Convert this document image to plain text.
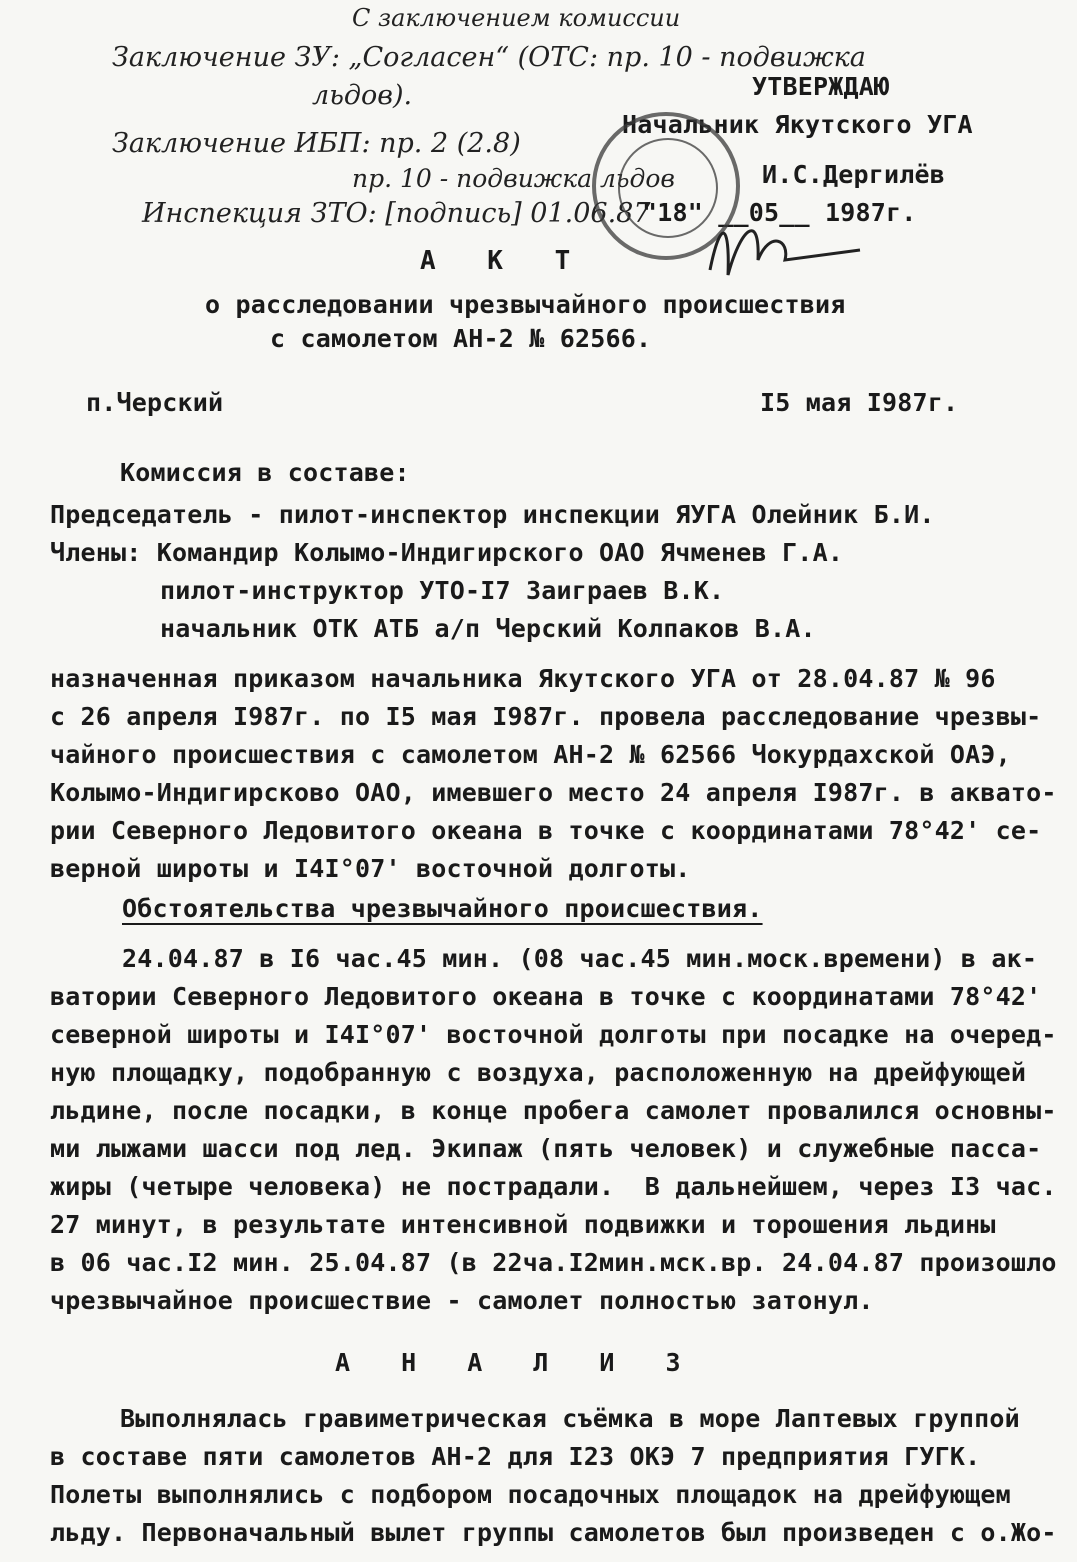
С заключением комиссии
Заключение ЗУ: „Согласен“ (ОТС: пр. 10 - подвижка
льдов).
Заключение ИБП: пр. 2 (2.8)
пр. 10 - подвижка льдов
Инспекция ЗТО: [подпись] 01.06.87
УТВЕРЖДАЮ
Начальник Якутского УГА
И.С.Дергилёв
"18" __05__ 1987г.
А К Т
о расследовании чрезвычайного происшествия
с самолетом АН-2 № 62566.
п.Черский	I5 мая I987г.
Комиссия в составе:
Председатель - пилот-инспектор инспекции ЯУГА Олейник Б.И.
Члены: Командир Колымо-Индигирского ОАО Ячменев Г.А.
пилот-инструктор УТО-I7 Заиграев В.К.
начальник ОТК АТБ а/п Черский Колпаков В.А.
назначенная приказом начальника Якутского УГА от 28.04.87 № 96
с 26 апреля I987г. по I5 мая I987г. провела расследование чрезвы-
чайного происшествия с самолетом АН-2 № 62566 Чокурдахской ОАЭ,
Колымо-Индигирсково ОАО, имевшего место 24 апреля I987г. в аквато-
рии Северного Ледовитого океана в точке с координатами 78°42' се-
верной широты и I4I°07' восточной долготы.
Обстоятельства чрезвычайного происшествия.
24.04.87 в I6 час.45 мин. (08 час.45 мин.моск.времени) в ак-
ватории Северного Ледовитого океана в точке с координатами 78°42'
северной широты и I4I°07' восточной долготы при посадке на очеред-
ную площадку, подобранную с воздуха, расположенную на дрейфующей
льдине, после посадки, в конце пробега самолет провалился основны-
ми лыжами шасси под лед. Экипаж (пять человек) и служебные пасса-
жиры (четыре человека) не пострадали.  В дальнейшем, через I3 час.
27 минут, в результате интенсивной подвижки и торошения льдины
в 06 час.I2 мин. 25.04.87 (в 22ча.I2мин.мск.вр. 24.04.87 произошло
чрезвычайное происшествие - самолет полностью затонул.
А Н А Л И З
Выполнялась гравиметрическая съёмка в море Лаптевых группой
в составе пяти самолетов АН-2 для I23 ОКЭ 7 предприятия ГУГК.
Полеты выполнялись с подбором посадочных площадок на дрейфующем
льду. Первоначальный вылет группы самолетов был произведен с о.Жо-
